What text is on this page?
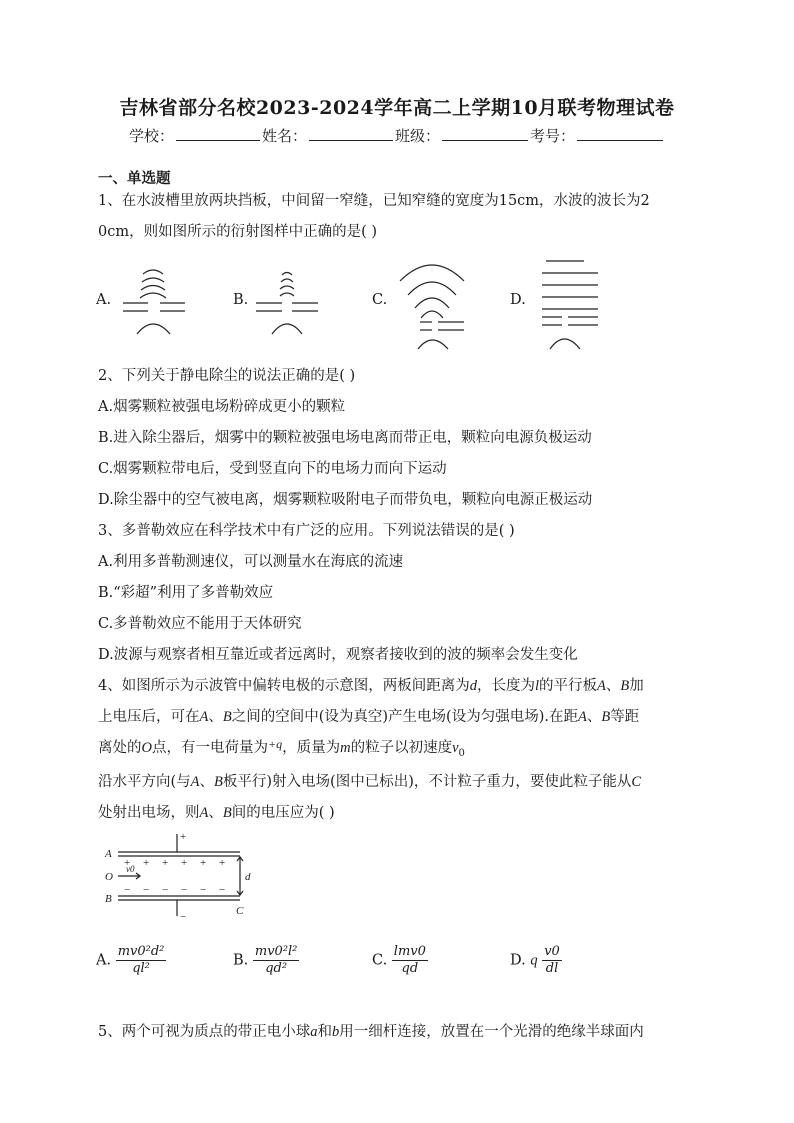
吉林省部分名校2023-2024学年高二上学期10月联考物理试卷
学校：	姓名：	班级：	考号：
一、单选题
1、在水波槽里放两块挡板，中间留一窄缝，已知窄缝的宽度为15cm，水波的波长为2
0cm，则如图所示的衍射图样中正确的是( )
A.	B.	C.	D.
2、下列关于静电除尘的说法正确的是( )
A.烟雾颗粒被强电场粉碎成更小的颗粒
B.进入除尘器后，烟雾中的颗粒被强电场电离而带正电，颗粒向电源负极运动
C.烟雾颗粒带电后，受到竖直向下的电场力而向下运动
D.除尘器中的空气被电离，烟雾颗粒吸附电子而带负电，颗粒向电源正极运动
3、多普勒效应在科学技术中有广泛的应用。下列说法错误的是( )
A.利用多普勒测速仪，可以测量水在海底的流速
B.“彩超”利用了多普勒效应
C.多普勒效应不能用于天体研究
D.波源与观察者相互靠近或者远离时，观察者接收到的波的频率会发生变化
4、如图所示为示波管中偏转电极的示意图，两板间距离为d，长度为l的平行板A、B加
上电压后，可在A、B之间的空间中(设为真空)产生电场(设为匀强电场).在距A、B等距
离处的O点，有一电荷量为$^{+q}$，质量为m的粒子以初速度$v_0$
沿水平方向(与A、B板平行)射入电场(图中已标出)，不计粒子重力，要使此粒子能从C
处射出电场，则A、B间的电压应为( )
+
−
A
B
O
C
d
v0
+ + + + + +
− − − − − −
A. $\frac{\text{mv0²d²}}{\text{ql²}}$	B. $\frac{\text{mv0²l²}}{\text{qd²}}$	C. $\frac{\text{lmv0}}{qd}$	D. q $\frac{v0}{dl}$
5、两个可视为质点的带正电小球a和b用一细杆连接，放置在一个光滑的绝缘半球面内
